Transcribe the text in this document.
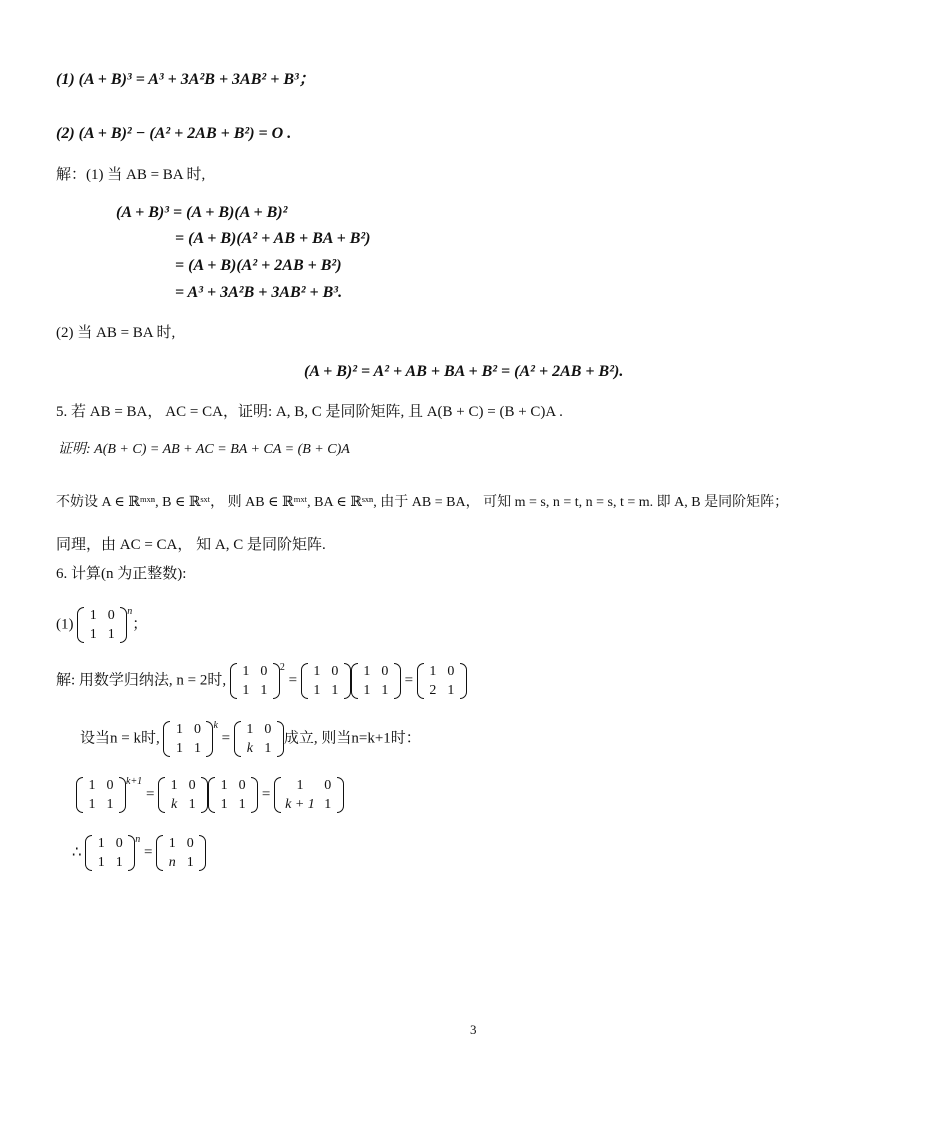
(1) (A + B)³ = A³ + 3A²B + 3AB² + B³；
(2) (A + B)² − (A² + 2AB + B²) = O .
解：(1) 当 AB = BA 时,
(A + B)³ = (A + B)(A + B)²
= (A + B)(A² + AB + BA + B²)
= (A + B)(A² + 2AB + B²)
= A³ + 3A²B + 3AB² + B³.
(2) 当 AB = BA 时,
(A + B)² = A² + AB + BA + B² = (A² + 2AB + B²).
5. 若 AB = BA， AC = CA，证明: A, B, C 是同阶矩阵, 且 A(B + C) = (B + C)A .
证明: A(B + C) = AB + AC = BA + CA = (B + C)A
不妨设 A ∈ ℝᵐˣⁿ, B ∈ ℝˢˣᵗ， 则 AB ∈ ℝᵐˣᵗ, BA ∈ ℝˢˣⁿ, 由于 AB = BA， 可知 m = s, n = t, n = s, t = m. 即 A, B 是同阶矩阵；
同理，由 AC = CA， 知 A, C 是同阶矩阵.
6. 计算(n 为正整数):
(1)
1	0
1	1
$^n$；
解: 用数学归纳法, n = 2时,
1	0
1	1
$^2$ =
1	0
1	1
1	0
1	1
=
1	0
2	1
设当n = k时,
1	0
1	1
$^k$ =
1	0
k	1
成立, 则当n=k+1时：
1	0
1	1
$^{k+1}$ =
1	0
k	1
1	0
1	1
=
1	0
k + 1	1
∴
1	0
1	1
$^n$ =
1	0
n	1
3
